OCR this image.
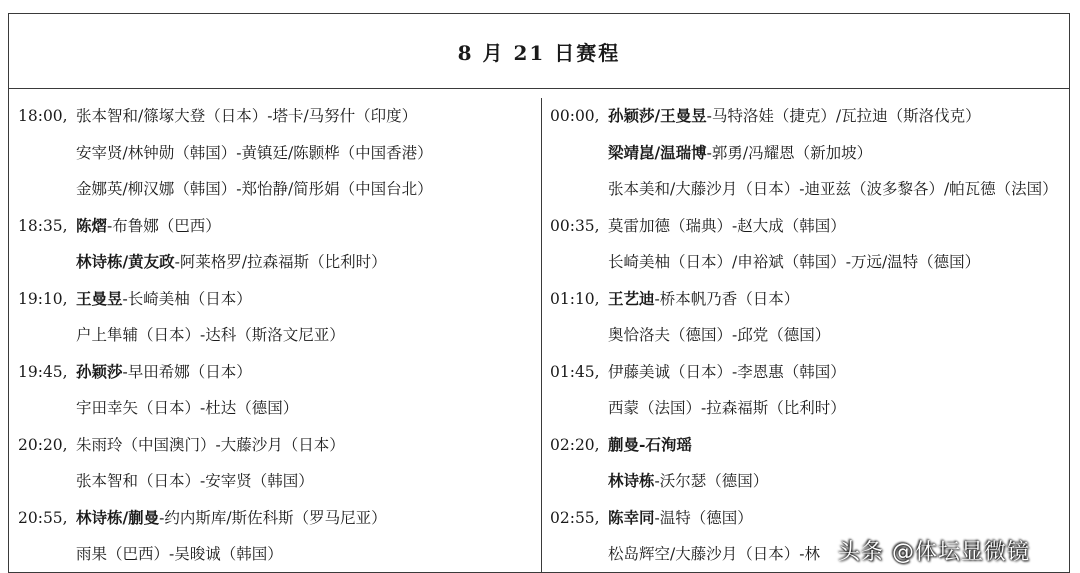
8 月 21 日赛程
18:00, 张本智和/篠塚大登（日本）-塔卡/马努什（印度）
安宰贤/林钟勋（韩国）-黄镇廷/陈颢桦（中国香港）
金娜英/柳汉娜（韩国）-郑怡静/简彤娟（中国台北）
18:35, 陈熠-布鲁娜（巴西）
林诗栋/黄友政-阿莱格罗/拉森福斯（比利时）
19:10, 王曼昱-长崎美柚（日本）
户上隼辅（日本）-达科（斯洛文尼亚）
19:45, 孙颖莎-早田希娜（日本）
宇田幸矢（日本）-杜达（德国）
20:20, 朱雨玲（中国澳门）-大藤沙月（日本）
张本智和（日本）-安宰贤（韩国）
20:55, 林诗栋/蒯曼-约内斯库/斯佐科斯（罗马尼亚）
雨果（巴西）-吴晙诚（韩国）
00:00, 孙颖莎/王曼昱-马特洛娃（捷克）/瓦拉迪（斯洛伐克）
梁靖崑/温瑞博-郭勇/冯耀恩（新加坡）
张本美和/大藤沙月（日本）-迪亚兹（波多黎各）/帕瓦德（法国）
00:35, 莫雷加德（瑞典）-赵大成（韩国）
长崎美柚（日本）/申裕斌（韩国）-万远/温特（德国）
01:10, 王艺迪-桥本帆乃香（日本）
奥恰洛夫（德国）-邱党（德国）
01:45, 伊藤美诚（日本）-李恩惠（韩国）
西蒙（法国）-拉森福斯（比利时）
02:20, 蒯曼-石洵瑶
林诗栋-沃尔瑟（德国）
02:55, 陈幸同-温特（德国）
松岛辉空/大藤沙月（日本）-林 头条 @体坛显微镜
